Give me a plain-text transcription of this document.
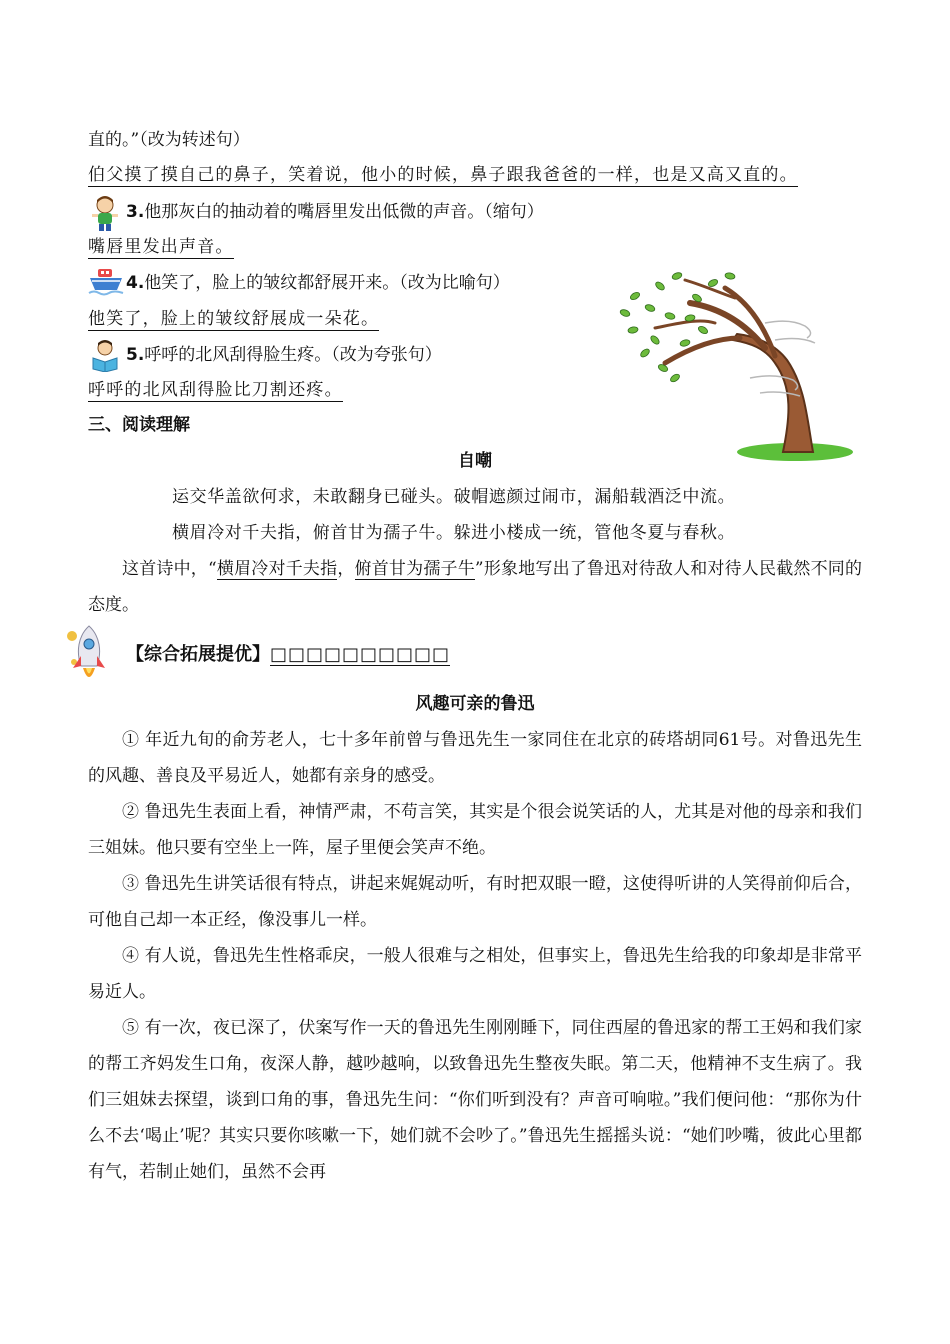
直的。”（改为转述句）
伯父摸了摸自己的鼻子，笑着说，他小的时候，鼻子跟我爸爸的一样，也是又高又直的。
3.他那灰白的抽动着的嘴唇里发出低微的声音。（缩句）
嘴唇里发出声音。
4.他笑了，脸上的皱纹都舒展开来。（改为比喻句）
他笑了，脸上的皱纹舒展成一朵花。
5.呼呼的北风刮得脸生疼。（改为夸张句）
呼呼的北风刮得脸比刀割还疼。
三、阅读理解
自嘲
运交华盖欲何求，未敢翻身已碰头。破帽遮颜过闹市，漏船载酒泛中流。
横眉冷对千夫指，俯首甘为孺子牛。躲进小楼成一统，管他冬夏与春秋。
这首诗中，“横眉冷对千夫指，俯首甘为孺子牛”形象地写出了鲁迅对待敌人和对待人民截然不同的态度。
【综合拓展提优】□□□□□□□□□□
风趣可亲的鲁迅
① 年近九旬的俞芳老人，七十多年前曾与鲁迅先生一家同住在北京的砖塔胡同61号。对鲁迅先生的风趣、善良及平易近人，她都有亲身的感受。
② 鲁迅先生表面上看，神情严肃，不苟言笑，其实是个很会说笑话的人，尤其是对他的母亲和我们三姐妹。他只要有空坐上一阵，屋子里便会笑声不绝。
③ 鲁迅先生讲笑话很有特点，讲起来娓娓动听，有时把双眼一瞪，这使得听讲的人笑得前仰后合，可他自己却一本正经，像没事儿一样。
④ 有人说，鲁迅先生性格乖戾，一般人很难与之相处，但事实上，鲁迅先生给我的印象却是非常平易近人。
⑤ 有一次，夜已深了，伏案写作一天的鲁迅先生刚刚睡下，同住西屋的鲁迅家的帮工王妈和我们家的帮工齐妈发生口角，夜深人静，越吵越响，以致鲁迅先生整夜失眠。第二天，他精神不支生病了。我们三姐妹去探望，谈到口角的事，鲁迅先生问：“你们听到没有？声音可响啦。”我们便问他：“那你为什么不去‘喝止’呢？其实只要你咳嗽一下，她们就不会吵了。”鲁迅先生摇摇头说：“她们吵嘴，彼此心里都有气，若制止她们，虽然不会再
